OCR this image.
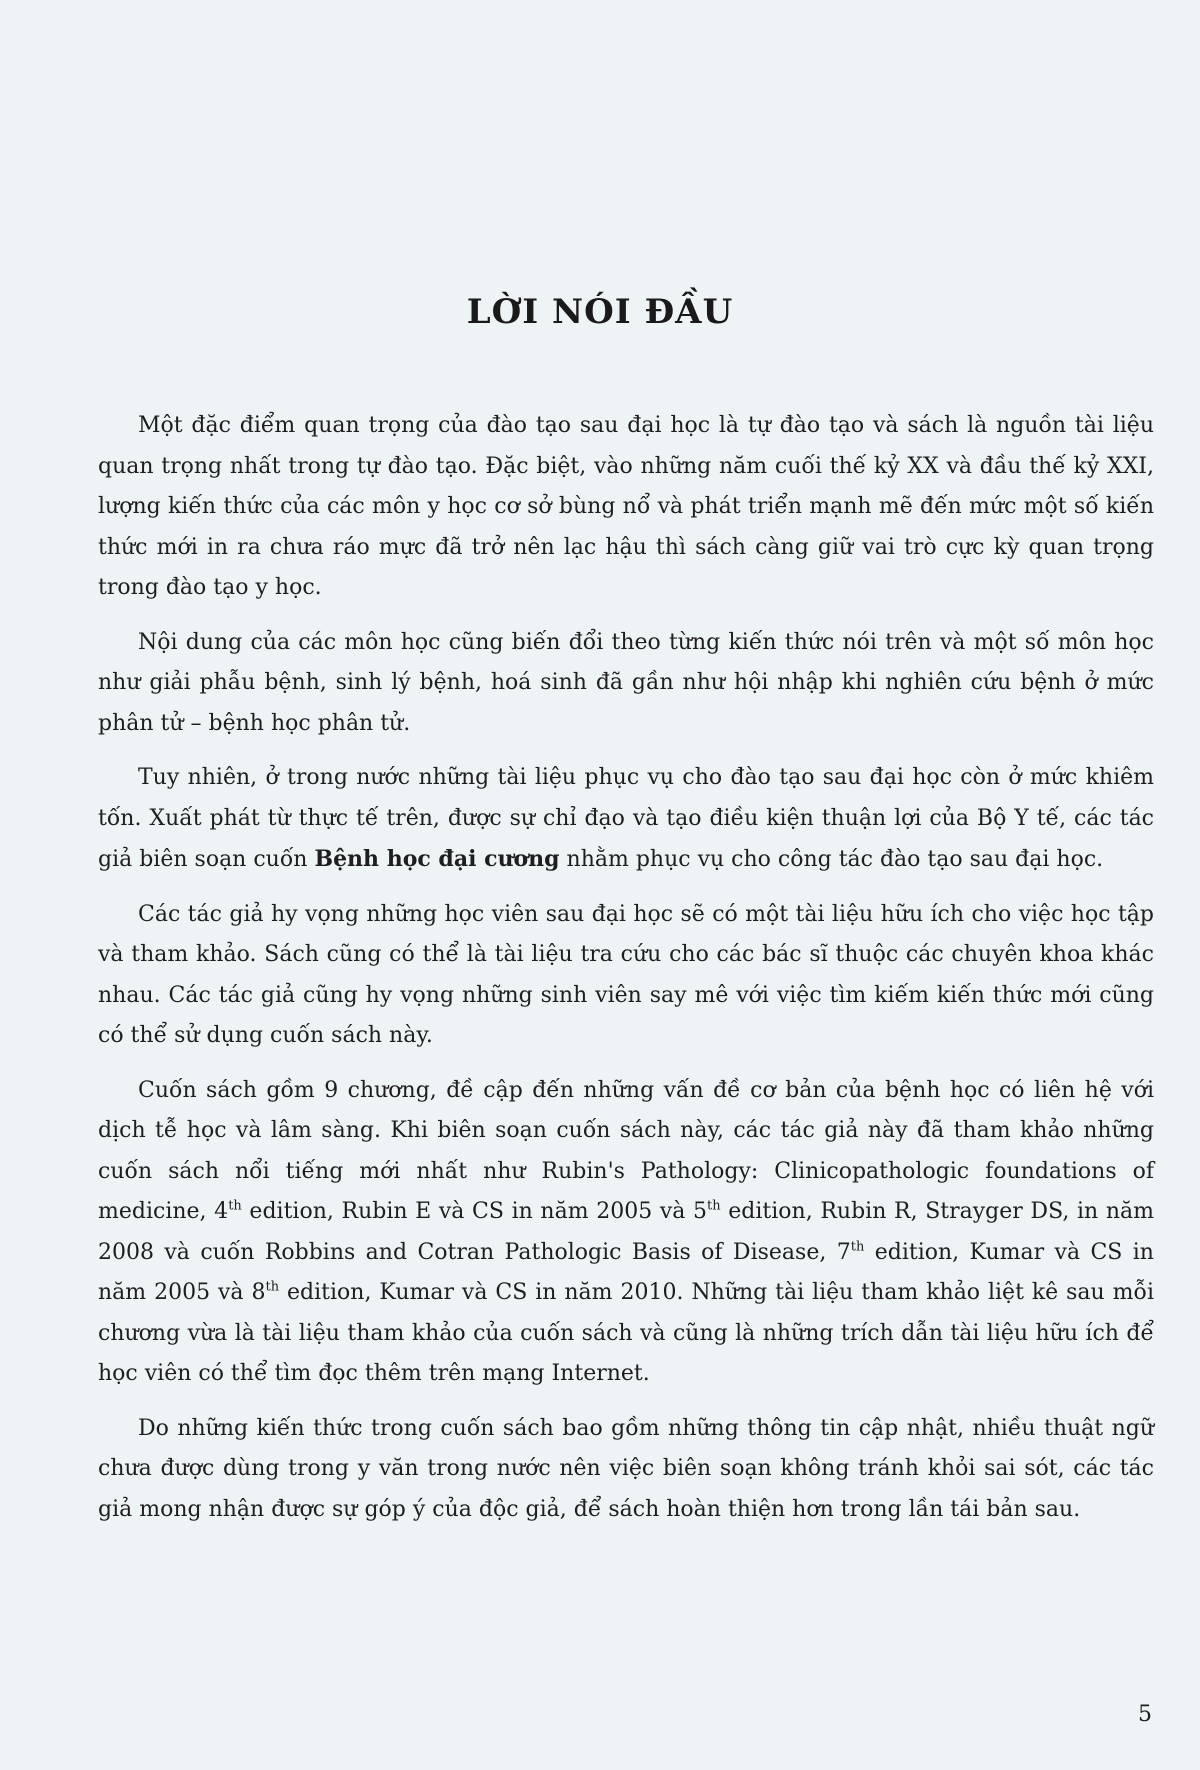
LỜI NÓI ĐẦU

Một đặc điểm quan trọng của đào tạo sau đại học là tự đào tạo và sách là nguồn tài liệu quan trọng nhất trong tự đào tạo. Đặc biệt, vào những năm cuối thế kỷ XX và đầu thế kỷ XXI, lượng kiến thức của các môn y học cơ sở bùng nổ và phát triển mạnh mẽ đến mức một số kiến thức mới in ra chưa ráo mực đã trở nên lạc hậu thì sách càng giữ vai trò cực kỳ quan trọng trong đào tạo y học.

Nội dung của các môn học cũng biến đổi theo từng kiến thức nói trên và một số môn học như giải phẫu bệnh, sinh lý bệnh, hoá sinh đã gần như hội nhập khi nghiên cứu bệnh ở mức phân tử – bệnh học phân tử.

Tuy nhiên, ở trong nước những tài liệu phục vụ cho đào tạo sau đại học còn ở mức khiêm tốn. Xuất phát từ thực tế trên, được sự chỉ đạo và tạo điều kiện thuận lợi của Bộ Y tế, các tác giả biên soạn cuốn Bệnh học đại cương nhằm phục vụ cho công tác đào tạo sau đại học.

Các tác giả hy vọng những học viên sau đại học sẽ có một tài liệu hữu ích cho việc học tập và tham khảo. Sách cũng có thể là tài liệu tra cứu cho các bác sĩ thuộc các chuyên khoa khác nhau. Các tác giả cũng hy vọng những sinh viên say mê với việc tìm kiếm kiến thức mới cũng có thể sử dụng cuốn sách này.

Cuốn sách gồm 9 chương, đề cập đến những vấn đề cơ bản của bệnh học có liên hệ với dịch tễ học và lâm sàng. Khi biên soạn cuốn sách này, các tác giả này đã tham khảo những cuốn sách nổi tiếng mới nhất như Rubin's Pathology: Clinicopathologic foundations of medicine, 4th edition, Rubin E và CS in năm 2005 và 5th edition, Rubin R, Strayger DS, in năm 2008 và cuốn Robbins and Cotran Pathologic Basis of Disease, 7th edition, Kumar và CS in năm 2005 và 8th edition, Kumar và CS in năm 2010. Những tài liệu tham khảo liệt kê sau mỗi chương vừa là tài liệu tham khảo của cuốn sách và cũng là những trích dẫn tài liệu hữu ích để học viên có thể tìm đọc thêm trên mạng Internet.

Do những kiến thức trong cuốn sách bao gồm những thông tin cập nhật, nhiều thuật ngữ chưa được dùng trong y văn trong nước nên việc biên soạn không tránh khỏi sai sót, các tác giả mong nhận được sự góp ý của độc giả, để sách hoàn thiện hơn trong lần tái bản sau.

5
